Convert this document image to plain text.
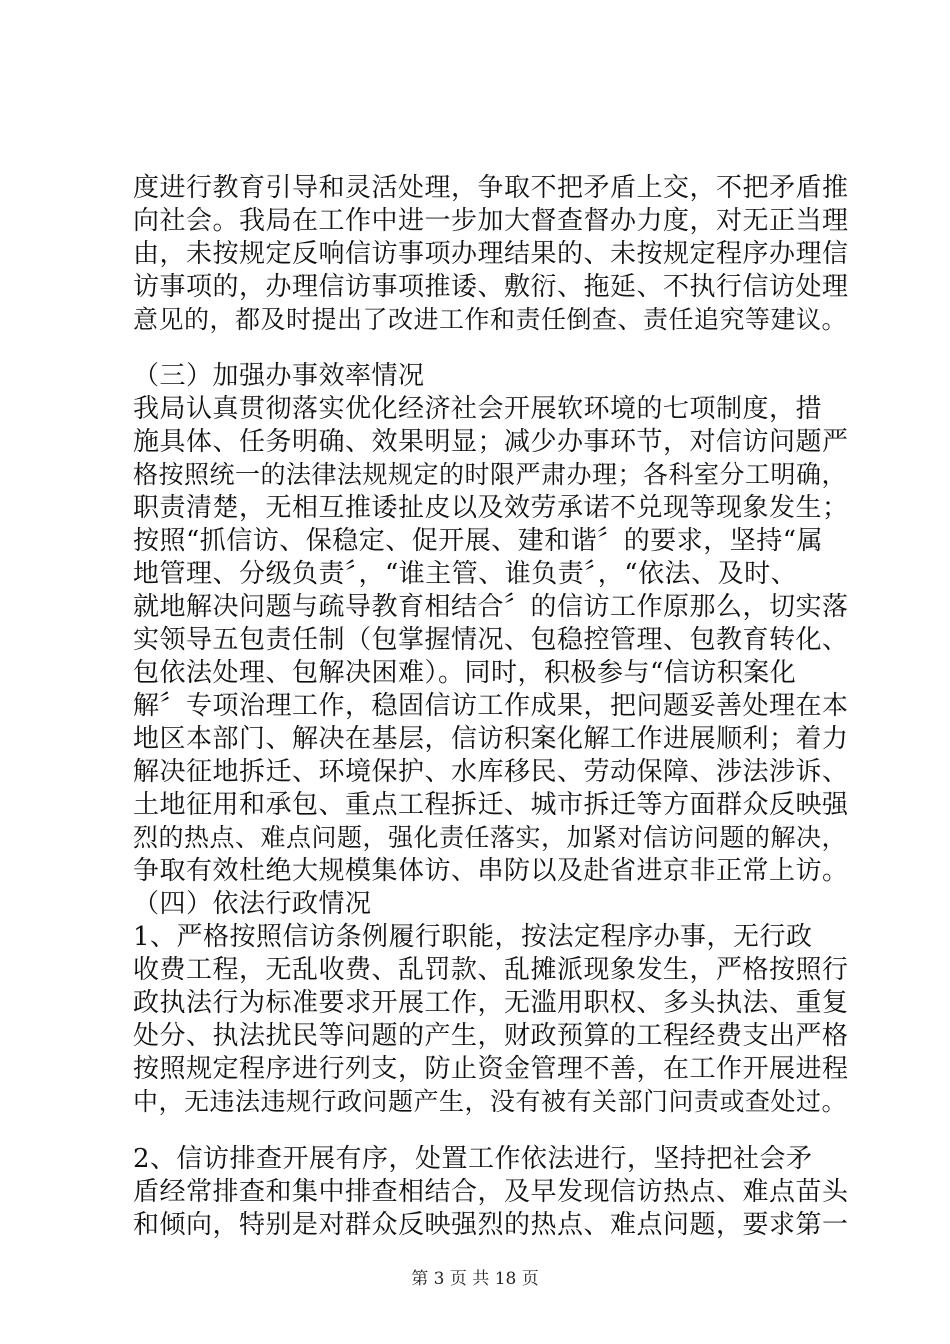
度进行教育引导和灵活处理，争取不把矛盾上交，不把矛盾推
向社会。我局在工作中进一步加大督查督办力度，对无正当理
由，未按规定反响信访事项办理结果的、未按规定程序办理信
访事项的，办理信访事项推诿、敷衍、拖延、不执行信访处理
意见的，都及时提出了改进工作和责任倒查、责任追究等建议。
（三）加强办事效率情况
我局认真贯彻落实优化经济社会开展软环境的七项制度，措
施具体、任务明确、效果明显；减少办事环节，对信访问题严
格按照统一的法律法规规定的时限严肃办理；各科室分工明确，
职责清楚，无相互推诿扯皮以及效劳承诺不兑现等现象发生；
按照“抓信访、保稳定、促开展、建和谐〞的要求，坚持“属
地管理、分级负责〞，“谁主管、谁负责〞，“依法、及时、
就地解决问题与疏导教育相结合〞的信访工作原那么，切实落
实领导五包责任制（包掌握情况、包稳控管理、包教育转化、
包依法处理、包解决困难）。同时，积极参与“信访积案化
解〞专项治理工作，稳固信访工作成果，把问题妥善处理在本
地区本部门、解决在基层，信访积案化解工作进展顺利；着力
解决征地拆迁、环境保护、水库移民、劳动保障、涉法涉诉、
土地征用和承包、重点工程拆迁、城市拆迁等方面群众反映强
烈的热点、难点问题，强化责任落实，加紧对信访问题的解决，
争取有效杜绝大规模集体访、串防以及赴省进京非正常上访。
（四）依法行政情况
1、严格按照信访条例履行职能，按法定程序办事，无行政
收费工程，无乱收费、乱罚款、乱摊派现象发生，严格按照行
政执法行为标准要求开展工作，无滥用职权、多头执法、重复
处分、执法扰民等问题的产生，财政预算的工程经费支出严格
按照规定程序进行列支，防止资金管理不善，在工作开展进程
中，无违法违规行政问题产生，没有被有关部门问责或查处过。
2、信访排查开展有序，处置工作依法进行，坚持把社会矛
盾经常排查和集中排查相结合，及早发现信访热点、难点苗头
和倾向，特别是对群众反映强烈的热点、难点问题，要求第一
第 3 页 共 18 页
